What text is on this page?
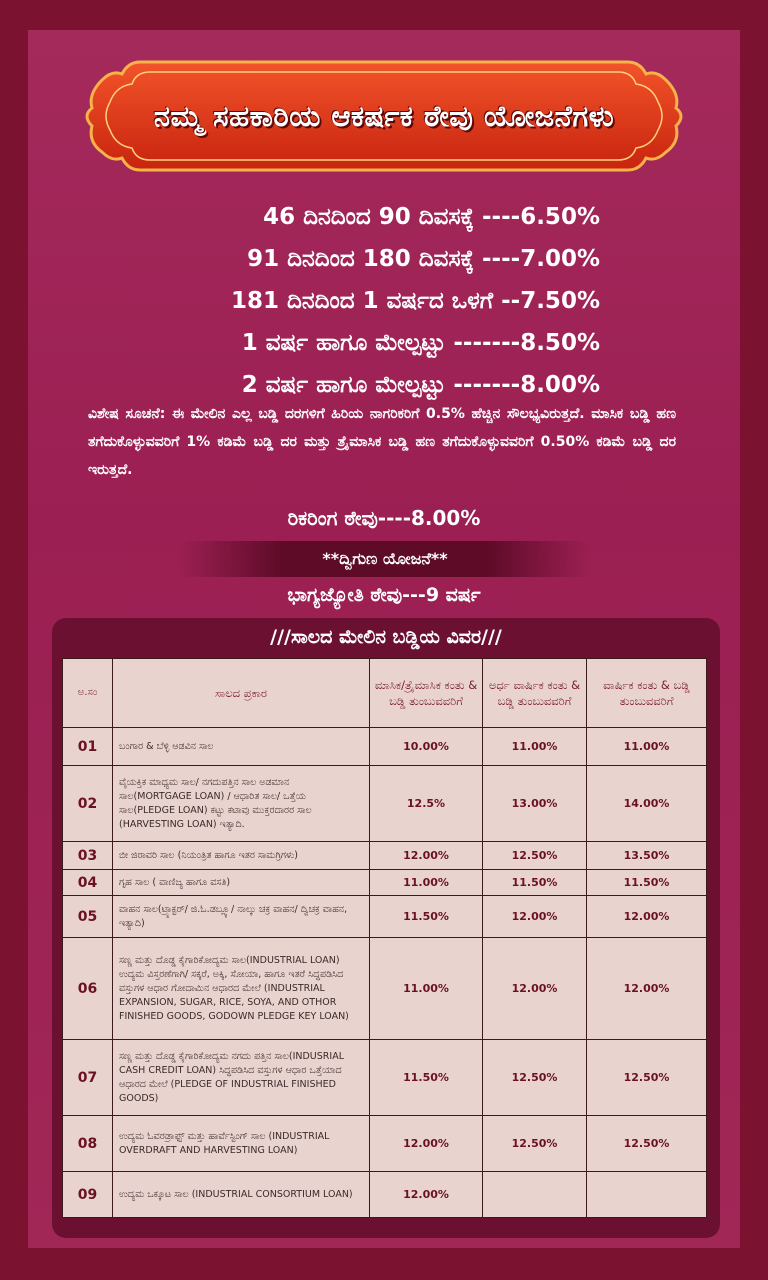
ನಮ್ಮ ಸಹಕಾರಿಯ ಆಕರ್ಷಕ ಠೇವು ಯೋಜನೆಗಳು
46 ದಿನದಿಂದ 90 ದಿವಸಕ್ಕೆ ----6.50%
91 ದಿನದಿಂದ 180 ದಿವಸಕ್ಕೆ ----7.00%
181 ದಿನದಿಂದ 1 ವರ್ಷದ ಒಳಗೆ --7.50%
1 ವರ್ಷ ಹಾಗೂ ಮೇಲ್ಪಟ್ಟು -------8.50%
2 ವರ್ಷ ಹಾಗೂ ಮೇಲ್ಪಟ್ಟು -------8.00%
ವಿಶೇಷ ಸೂಚನೆ: ಈ ಮೇಲಿನ ಎಲ್ಲ ಬಡ್ಡಿ ದರಗಳಿಗೆ ಹಿರಿಯ ನಾಗರಿಕರಿಗೆ 0.5% ಹೆಚ್ಚಿನ ಸೌಲಭ್ಯವಿರುತ್ತದೆ. ಮಾಸಿಕ ಬಡ್ಡಿ ಹಣ ತಗೆದುಕೊಳ್ಳುವವರಿಗೆ 1% ಕಡಿಮೆ ಬಡ್ಡಿ ದರ ಮತ್ತು ತ್ರೈಮಾಸಿಕ ಬಡ್ಡಿ ಹಣ ತಗೆದುಕೊಳ್ಳುವವರಿಗೆ 0.50% ಕಡಿಮೆ ಬಡ್ಡಿ ದರ ಇರುತ್ತದೆ.
ರಿಕರಿಂಗ ಠೇವು----8.00%
**ದ್ವಿಗುಣ ಯೋಜನೆ**
ಭಾಗ್ಯಜ್ಯೋತಿ ಠೇವು---9 ವರ್ಷ
///ಸಾಲದ ಮೇಲಿನ ಬಡ್ಡಿಯ ವಿವರ///
ಅ.ಸಂ	ಸಾಲದ ಪ್ರಕಾರ	ಮಾಸಿಕ/ತ್ರೈಮಾಸಿಕ ಕಂತು & ಬಡ್ಡಿ ತುಂಬುವವರಿಗೆ	ಅರ್ಧ ವಾರ್ಷಿಕ ಕಂತು & ಬಡ್ಡಿ ತುಂಬುವವರಿಗೆ	ವಾರ್ಷಿಕ ಕಂತು & ಬಡ್ಡಿ ತುಂಬುವವರಿಗೆ
01	ಬಂಗಾರ & ಬೆಳ್ಳಿ ಆಡವಿನ ಸಾಲ	10.00%	11.00%	11.00%
02	ವೈಯಕ್ತಿಕ ಮಾಧ್ಯಮ ಸಾಲ/ ನಗದುಪತ್ತಿನ ಸಾಲ ಅಡಮಾನ ಸಾಲ(MORTGAGE LOAN) / ಆಧಾರಿತ ಸಾಲ/ ಒತ್ತೆಯ ಸಾಲ(PLEDGE LOAN) ಕಟ್ಟು ಕಟಾವು ಮುಕ್ತರದಾರರ ಸಾಲ (HARVESTING LOAN) ಇತ್ಯಾದಿ.	12.5%	13.00%	14.00%
03	ಬೀ ಜಿರಾವರಿ ಸಾಲ (ನಿಯಂತ್ರಿತ ಹಾಗೂ ಇತರ ಸಾಮಗ್ರಿಗಳು)	12.00%	12.50%	13.50%
04	ಗೃಹ ಸಾಲ ( ವಾಣಿಜ್ಯ ಹಾಗೂ ವಸತಿ)	11.00%	11.50%	11.50%
05	ವಾಹನ ಸಾಲ(ಟ್ರ್ಯಾಕ್ಟರ್/ ಜಿ.ಓ.ಡಬ್ಲ್ಯೂ/ ನಾಲ್ಕು ಚಕ್ರ ವಾಹನ/ ದ್ವಿಚಕ್ರ ವಾಹನ, ಇತ್ಯಾದಿ)	11.50%	12.00%	12.00%
06	ಸಣ್ಣ ಮತ್ತು ದೊಡ್ಡ ಕೈಗಾರಿಕೋದ್ಯಮ ಸಾಲ(INDUSTRIAL LOAN) ಉದ್ಯಮ ವಿಸ್ತರಣೆಗಾಗಿ/ ಸಕ್ಕರೆ, ಅಕ್ಕಿ, ಸೋಯಾ, ಹಾಗೂ ಇತರೆ ಸಿದ್ಧಪಡಿಸಿದ ವಸ್ತುಗಳ ಆಧಾರ ಗೋದಾಮಿನ ಆಧಾರದ ಮೇಲೆ (INDUSTRIAL EXPANSION, SUGAR, RICE, SOYA, AND OTHOR FINISHED GOODS, GODOWN PLEDGE KEY LOAN)	11.00%	12.00%	12.00%
07	ಸಣ್ಣ ಮತ್ತು ದೊಡ್ಡ ಕೈಗಾರಿಕೋದ್ಯಮ ನಗದು ಪತ್ತಿನ ಸಾಲ(INDUSRIAL CASH CREDIT LOAN) ಸಿದ್ಧಪಡಿಸಿದ ವಸ್ತುಗಳ ಆಧಾರ ಒತ್ತೆಯಾದ ಆಧಾರದ ಮೇಲೆ (PLEDGE OF INDUSTRIAL FINISHED GOODS)	11.50%	12.50%	12.50%
08	ಉದ್ಯಮ ಓವರಡ್ರಾಫ್ಟ್ ಮತ್ತು ಹಾರ್ವೆಸ್ಟಿಂಗ್ ಸಾಲ (INDUSTRIAL OVERDRAFT AND HARVESTING LOAN)	12.00%	12.50%	12.50%
09	ಉದ್ಯಮ ಒಕ್ಕೂಟ ಸಾಲ (INDUSTRIAL CONSORTIUM LOAN)	12.00%		
